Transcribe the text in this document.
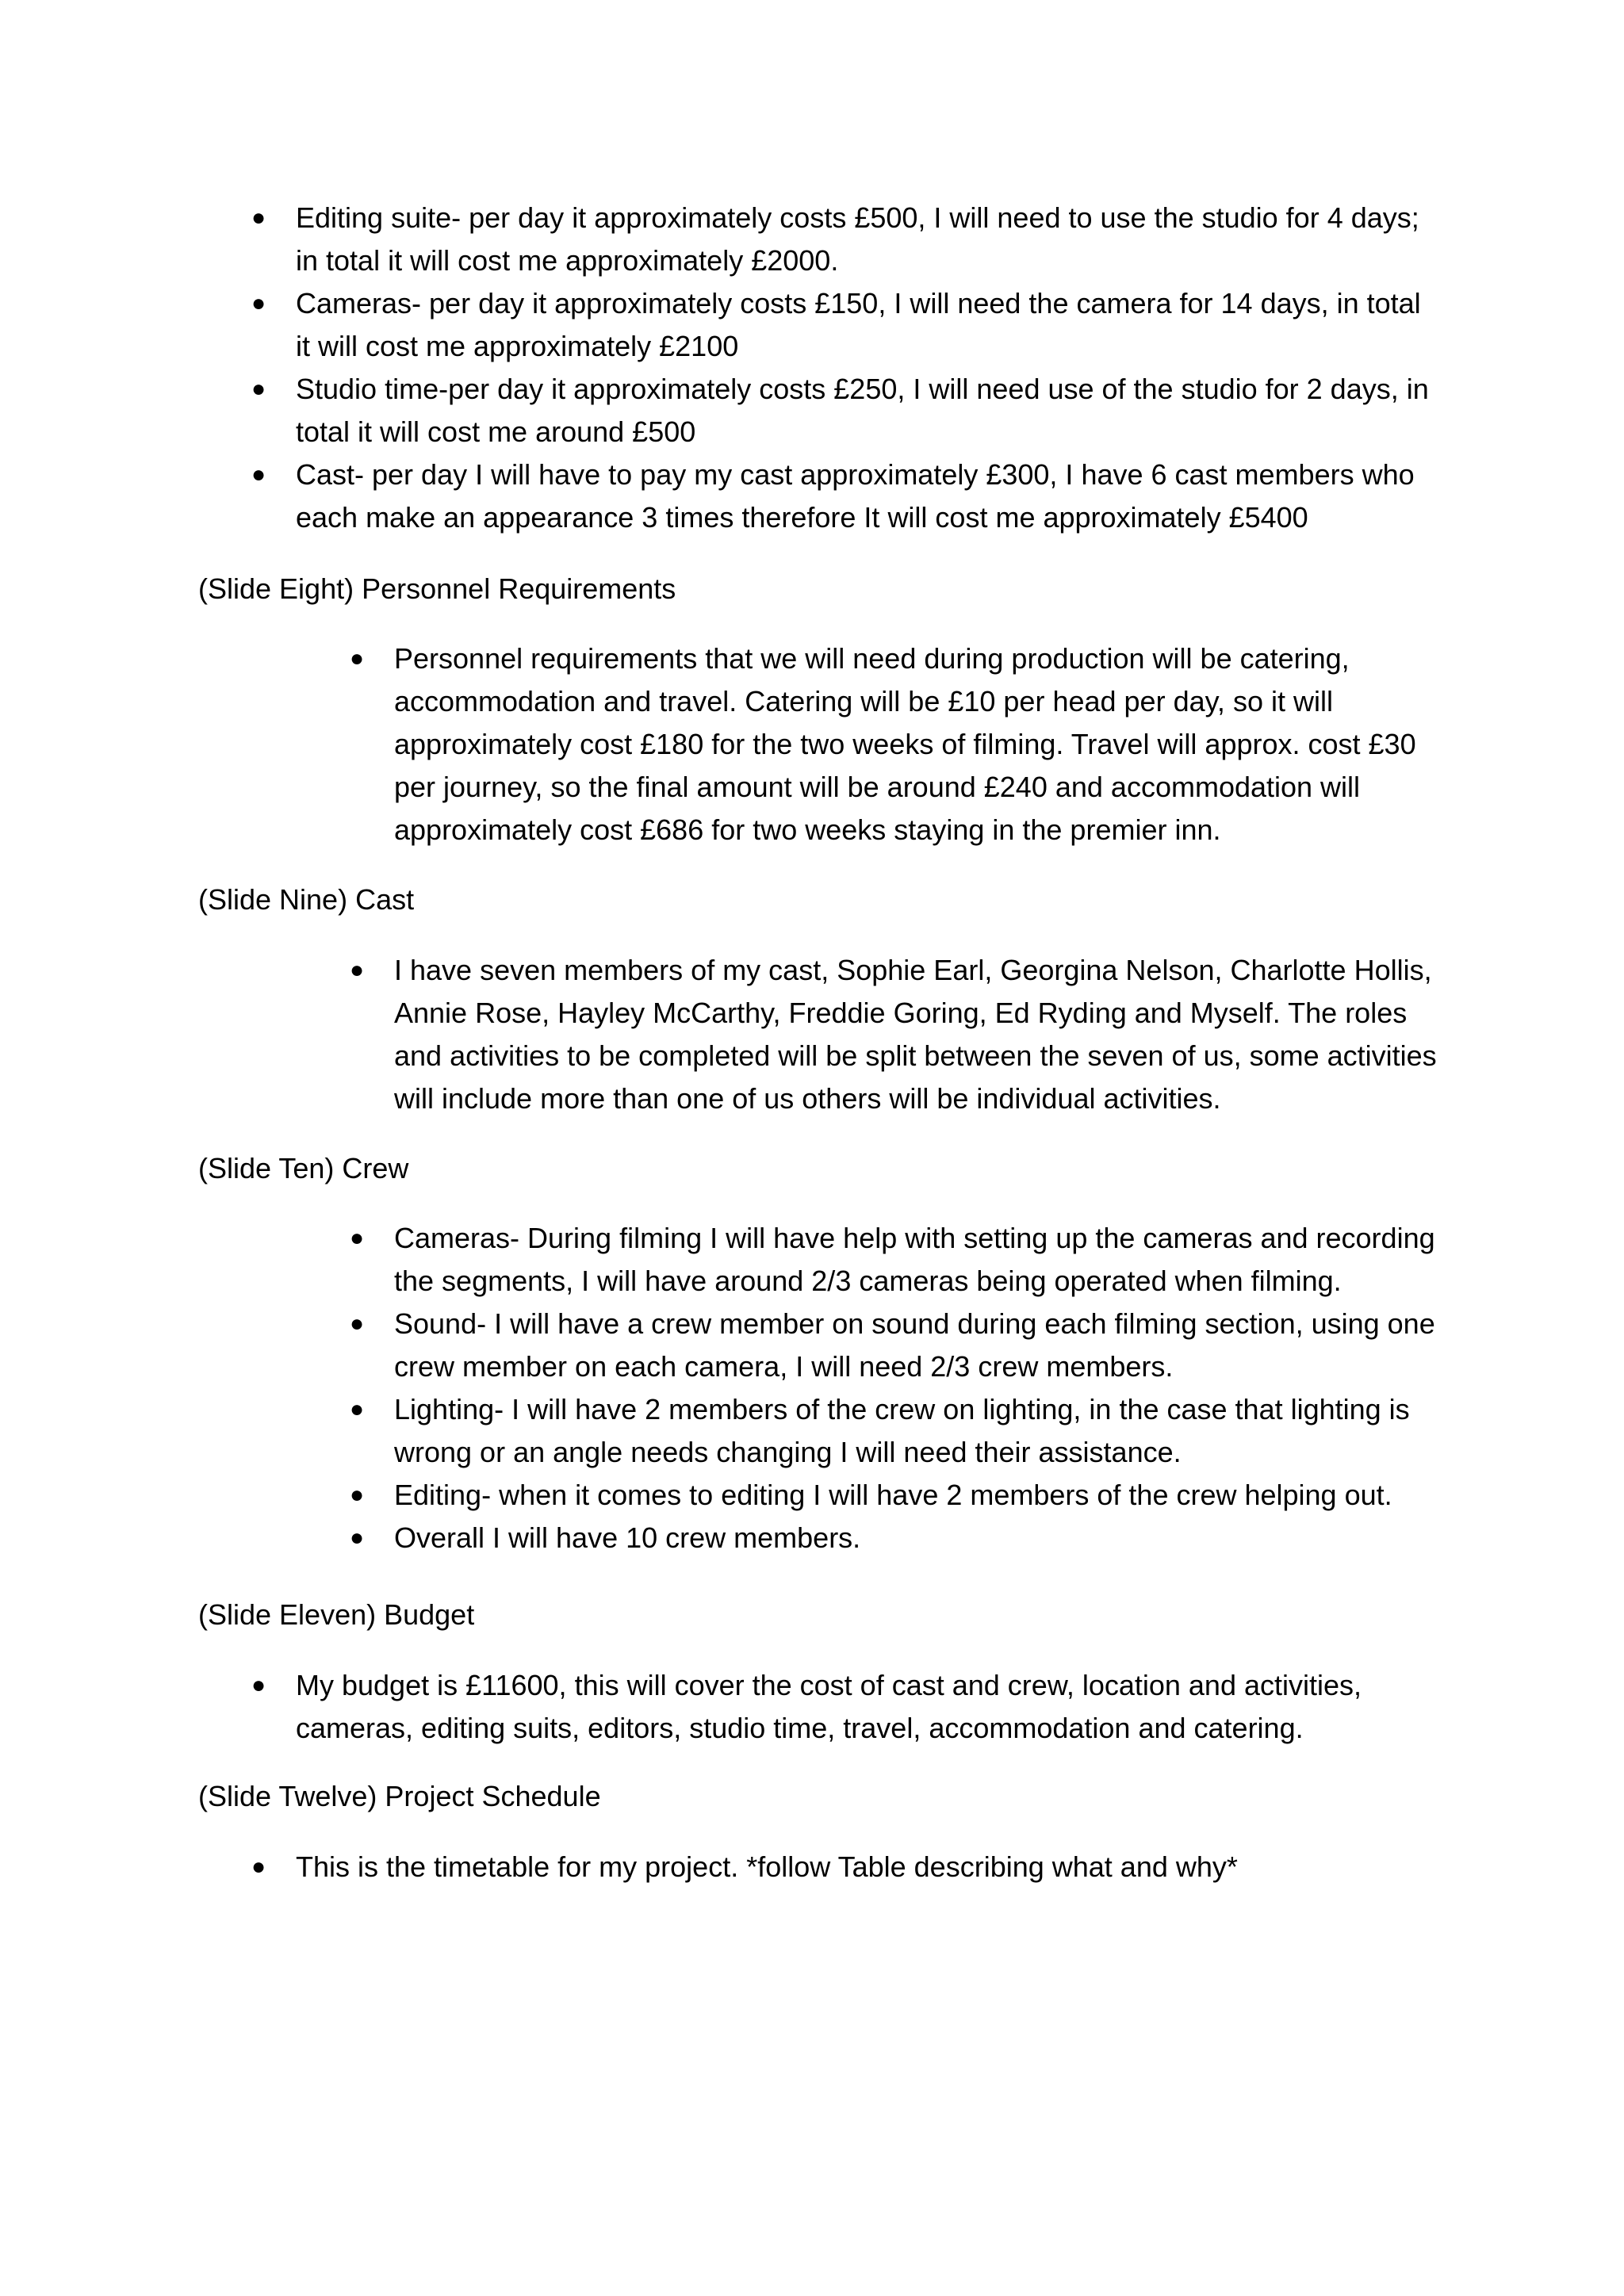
● Editing suite- per day it approximately costs £500, I will need to use the studio for 4 days; in total it will cost me approximately £2000.
● Cameras- per day it approximately costs £150, I will need the camera for 14 days, in total it will cost me approximately £2100
● Studio time-per day it approximately costs £250, I will need use of the studio for 2 days, in total it will cost me around £500
● Cast- per day I will have to pay my cast approximately £300, I have 6 cast members who each make an appearance 3 times therefore It will cost me approximately £5400

(Slide Eight) Personnel Requirements

● Personnel requirements that we will need during production will be catering, accommodation and travel. Catering will be £10 per head per day, so it will approximately cost £180 for the two weeks of filming. Travel will approx. cost £30 per journey, so the final amount will be around £240 and accommodation will approximately cost £686 for two weeks staying in the premier inn.

(Slide Nine) Cast

● I have seven members of my cast, Sophie Earl, Georgina Nelson, Charlotte Hollis, Annie Rose, Hayley McCarthy, Freddie Goring, Ed Ryding and Myself. The roles and activities to be completed will be split between the seven of us, some activities will include more than one of us others will be individual activities.

(Slide Ten) Crew

● Cameras- During filming I will have help with setting up the cameras and recording the segments, I will have around 2/3 cameras being operated when filming.
● Sound- I will have a crew member on sound during each filming section, using one crew member on each camera, I will need 2/3 crew members.
● Lighting- I will have 2 members of the crew on lighting, in the case that lighting is wrong or an angle needs changing I will need their assistance.
● Editing- when it comes to editing I will have 2 members of the crew helping out.
● Overall I will have 10 crew members.

(Slide Eleven) Budget

● My budget is £11600, this will cover the cost of cast and crew, location and activities, cameras, editing suits, editors, studio time, travel, accommodation and catering.

(Slide Twelve) Project Schedule

● This is the timetable for my project. *follow Table describing what and why*
